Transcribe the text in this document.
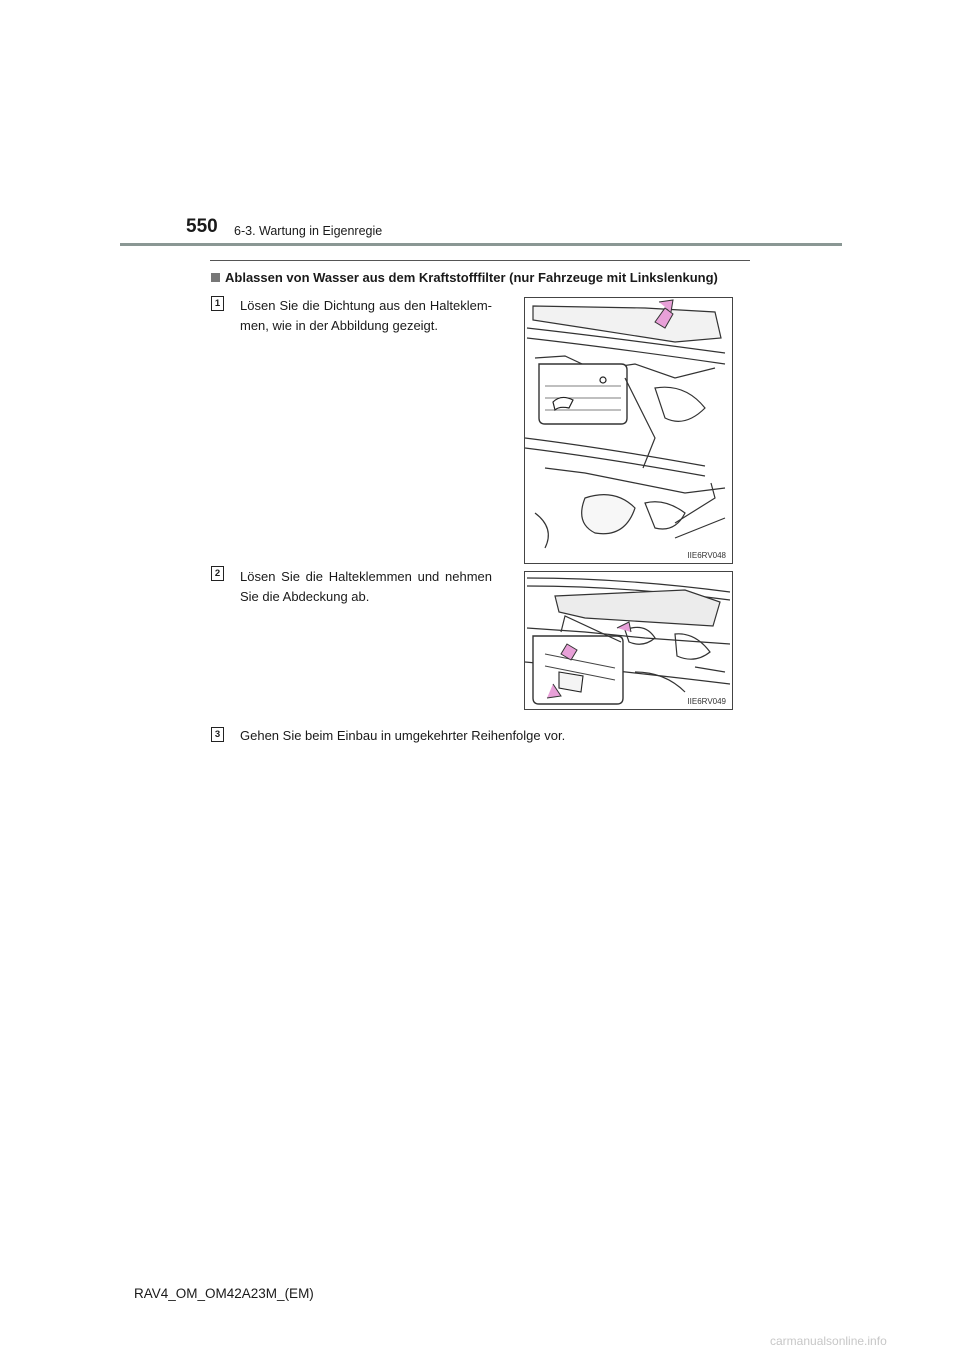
550 6-3. Wartung in Eigenregie
Ablassen von Wasser aus dem Kraftstofffilter (nur Fahrzeuge mit Linkslenkung)
1 Lösen Sie die Dichtung aus den Halteklemmen, wie in der Abbildung gezeigt.
IIE6RV048
2 Lösen Sie die Halteklemmen und nehmen Sie die Abdeckung ab.
IIE6RV049
3 Gehen Sie beim Einbau in umgekehrter Reihenfolge vor.
RAV4_OM_OM42A23M_(EM)
carmanualsonline.info
